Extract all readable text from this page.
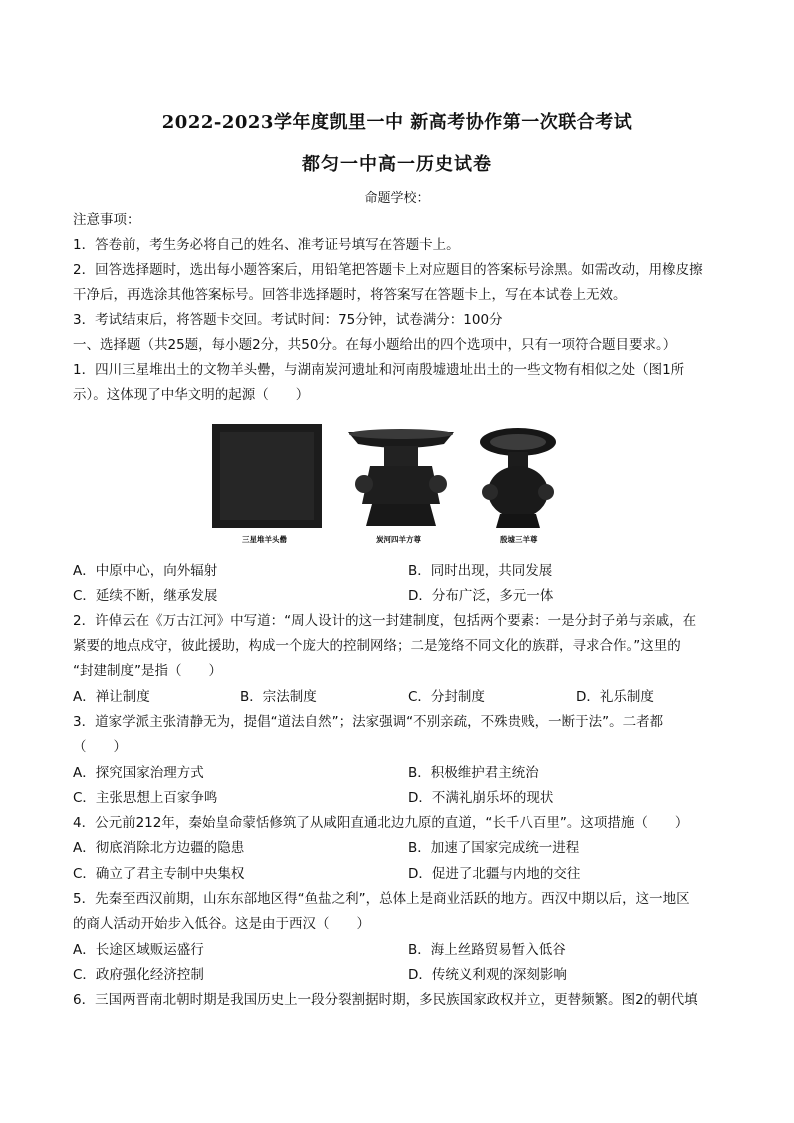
2022-2023学年度凯里一中 新高考协作第一次联合考试
都匀一中高一历史试卷
命题学校：
注意事项：
1．答卷前，考生务必将自己的姓名、准考证号填写在答题卡上。
2．回答选择题时，选出每小题答案后，用铅笔把答题卡上对应题目的答案标号涂黑。如需改动，用橡皮擦
干净后，再选涂其他答案标号。回答非选择题时，将答案写在答题卡上，写在本试卷上无效。
3．考试结束后，将答题卡交回。考试时间：75分钟，试卷满分：100分
一、选择题（共25题，每小题2分，共50分。在每小题给出的四个选项中，只有一项符合题目要求。）
1．四川三星堆出土的文物羊头罍，与湖南炭河遗址和河南殷墟遗址出土的一些文物有相似之处（图1所
示）。这体现了中华文明的起源（　　）
三星堆羊头罍	炭河四羊方尊	殷墟三羊尊
A．中原中心，向外辐射	B．同时出现，共同发展
C．延续不断，继承发展	D．分布广泛，多元一体
2．许倬云在《万古江河》中写道：“周人设计的这一封建制度，包括两个要素：一是分封子弟与亲戚，在
紧要的地点戍守，彼此援助，构成一个庞大的控制网络；二是笼络不同文化的族群，寻求合作。”这里的
“封建制度”是指（　　）
A．禅让制度	B．宗法制度	C．分封制度	D．礼乐制度
3．道家学派主张清静无为，提倡“道法自然”；法家强调“不别亲疏，不殊贵贱，一断于法”。二者都
（　　）
A．探究国家治理方式	B．积极维护君主统治
C．主张思想上百家争鸣	D．不满礼崩乐坏的现状
4．公元前212年，秦始皇命蒙恬修筑了从咸阳直通北边九原的直道，“长千八百里”。这项措施（　　）
A．彻底消除北方边疆的隐患	B．加速了国家完成统一进程
C．确立了君主专制中央集权	D．促进了北疆与内地的交往
5．先秦至西汉前期，山东东部地区得“鱼盐之利”，总体上是商业活跃的地方。西汉中期以后，这一地区
的商人活动开始步入低谷。这是由于西汉（　　）
A．长途区域贩运盛行	B．海上丝路贸易暂入低谷
C．政府强化经济控制	D．传统义利观的深刻影响
6．三国两晋南北朝时期是我国历史上一段分裂割据时期，多民族国家政权并立，更替频繁。图2的朝代填
